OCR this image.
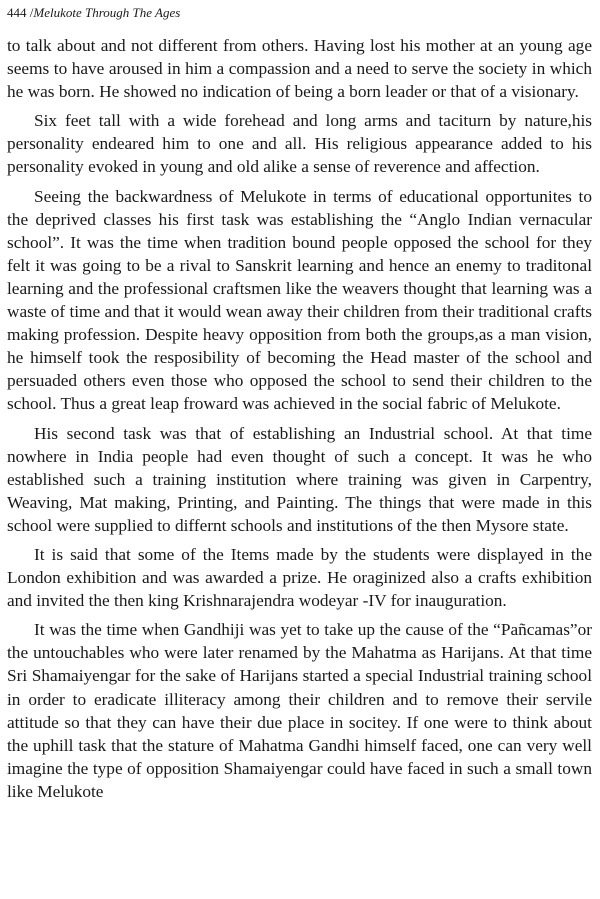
444 /Melukote Through The Ages

to talk about and not different from others. Having lost his mother at an young age seems to have aroused in him a compassion and a need to serve the society in which he was born. He showed no indication of being a born leader or that of a visionary.

Six feet tall with a wide forehead and long arms and taciturn by nature,his personality endeared him to one and all. His religious appearance added to his personality evoked in young and old alike a sense of reverence and affection.

Seeing the backwardness of Melukote in terms of educational opportunites to the deprived classes his first task was establishing the “Anglo Indian vernacular school”. It was the time when tradition bound people opposed the school for they felt it was going to be a rival to Sanskrit learning and hence an enemy to traditonal learning and the professional craftsmen like the weavers thought that learning was a waste of time and that it would wean away their children from their traditional crafts making profession. Despite heavy opposition from both the groups,as a man vision, he himself took the resposibility of becoming the Head master of the school and persuaded others even those who opposed the school to send their children to the school. Thus a great leap froward was achieved in the social fabric of Melukote.

His second task was that of establishing an Industrial school. At that time nowhere in India people had even thought of such a concept. It was he who established such a training institution where training was given in Carpentry, Weaving, Mat making, Printing, and Painting. The things that were made in this school were supplied to differnt schools and institutions of the then Mysore state.

It is said that some of the Items made by the students were displayed in the London exhibition and was awarded a prize. He oraginized also a crafts exhibition and invited the then king Krishnarajendra wodeyar -IV for inauguration.

It was the time when Gandhiji was yet to take up the cause of the “Pañcamas”or the untouchables who were later renamed by the Mahatma as Harijans. At that time Sri Shamaiyengar for the sake of Harijans started a special Industrial training school in order to eradicate illiteracy among their children and to remove their servile attitude so that they can have their due place in socitey. If one were to think about the uphill task that the stature of Mahatma Gandhi himself faced, one can very well imagine the type of opposition Shamaiyengar could have faced in such a small town like Melukote
